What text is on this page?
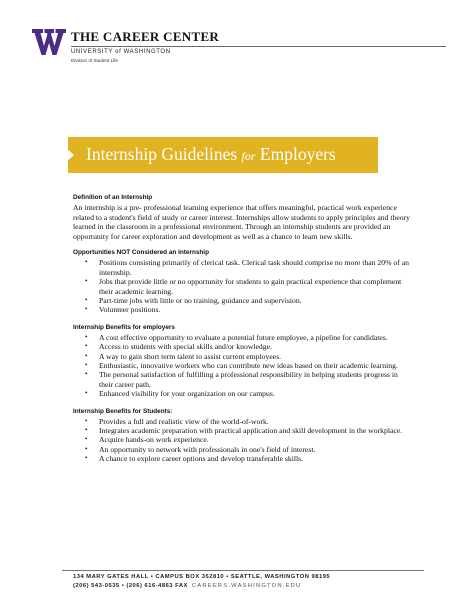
THE CAREER CENTER
UNIVERSITY of WASHINGTON
Division of Student Life
Internship Guidelines for Employers

Definition of an Internship

An internship is a pre- professional learning experience that offers meaningful, practical work experience related to a student's field of study or career interest. Internships allow students to apply principles and theory learned in the classroom in a professional environment. Through an internship students are provided an opportunity for career exploration and development as well as a chance to learn new skills.

Opportunities NOT Considered an Internship

• Positions consisting primarily of clerical task. Clerical task should comprise no more than 20% of an internship.
• Jobs that provide little or no opportunity for students to gain practical experience that complement their academic learning.
• Part-time jobs with little or no training, guidance and supervision.
• Volunteer positions.

Internship Benefits for employers

• A cost effective opportunity to evaluate a potential future employee, a pipeline for candidates.
• Access to students with special skills and/or knowledge.
• A way to gain short term talent to assist current employees.
• Enthusiastic, innovative workers who can contribute new ideas based on their academic learning.
• The personal satisfaction of fulfilling a professional responsibility in helping students progress in their career path.
• Enhanced visibility for your organization on our campus.

Internship Benefits for Students:

• Provides a full and realistic view of the world-of-work.
• Integrates academic preparation with practical application and skill development in the workplace.
• Acquire hands-on work experience.
• An opportunity to network with professionals in one's field of interest.
• A chance to explore career options and develop transferable skills.
134 MARY GATES HALL • CAMPUS BOX 352810 • SEATTLE, WASHINGTON 98195
(206) 543-0535 • (206) 616-4863 FAX CAREERS.WASHINGTON.EDU
